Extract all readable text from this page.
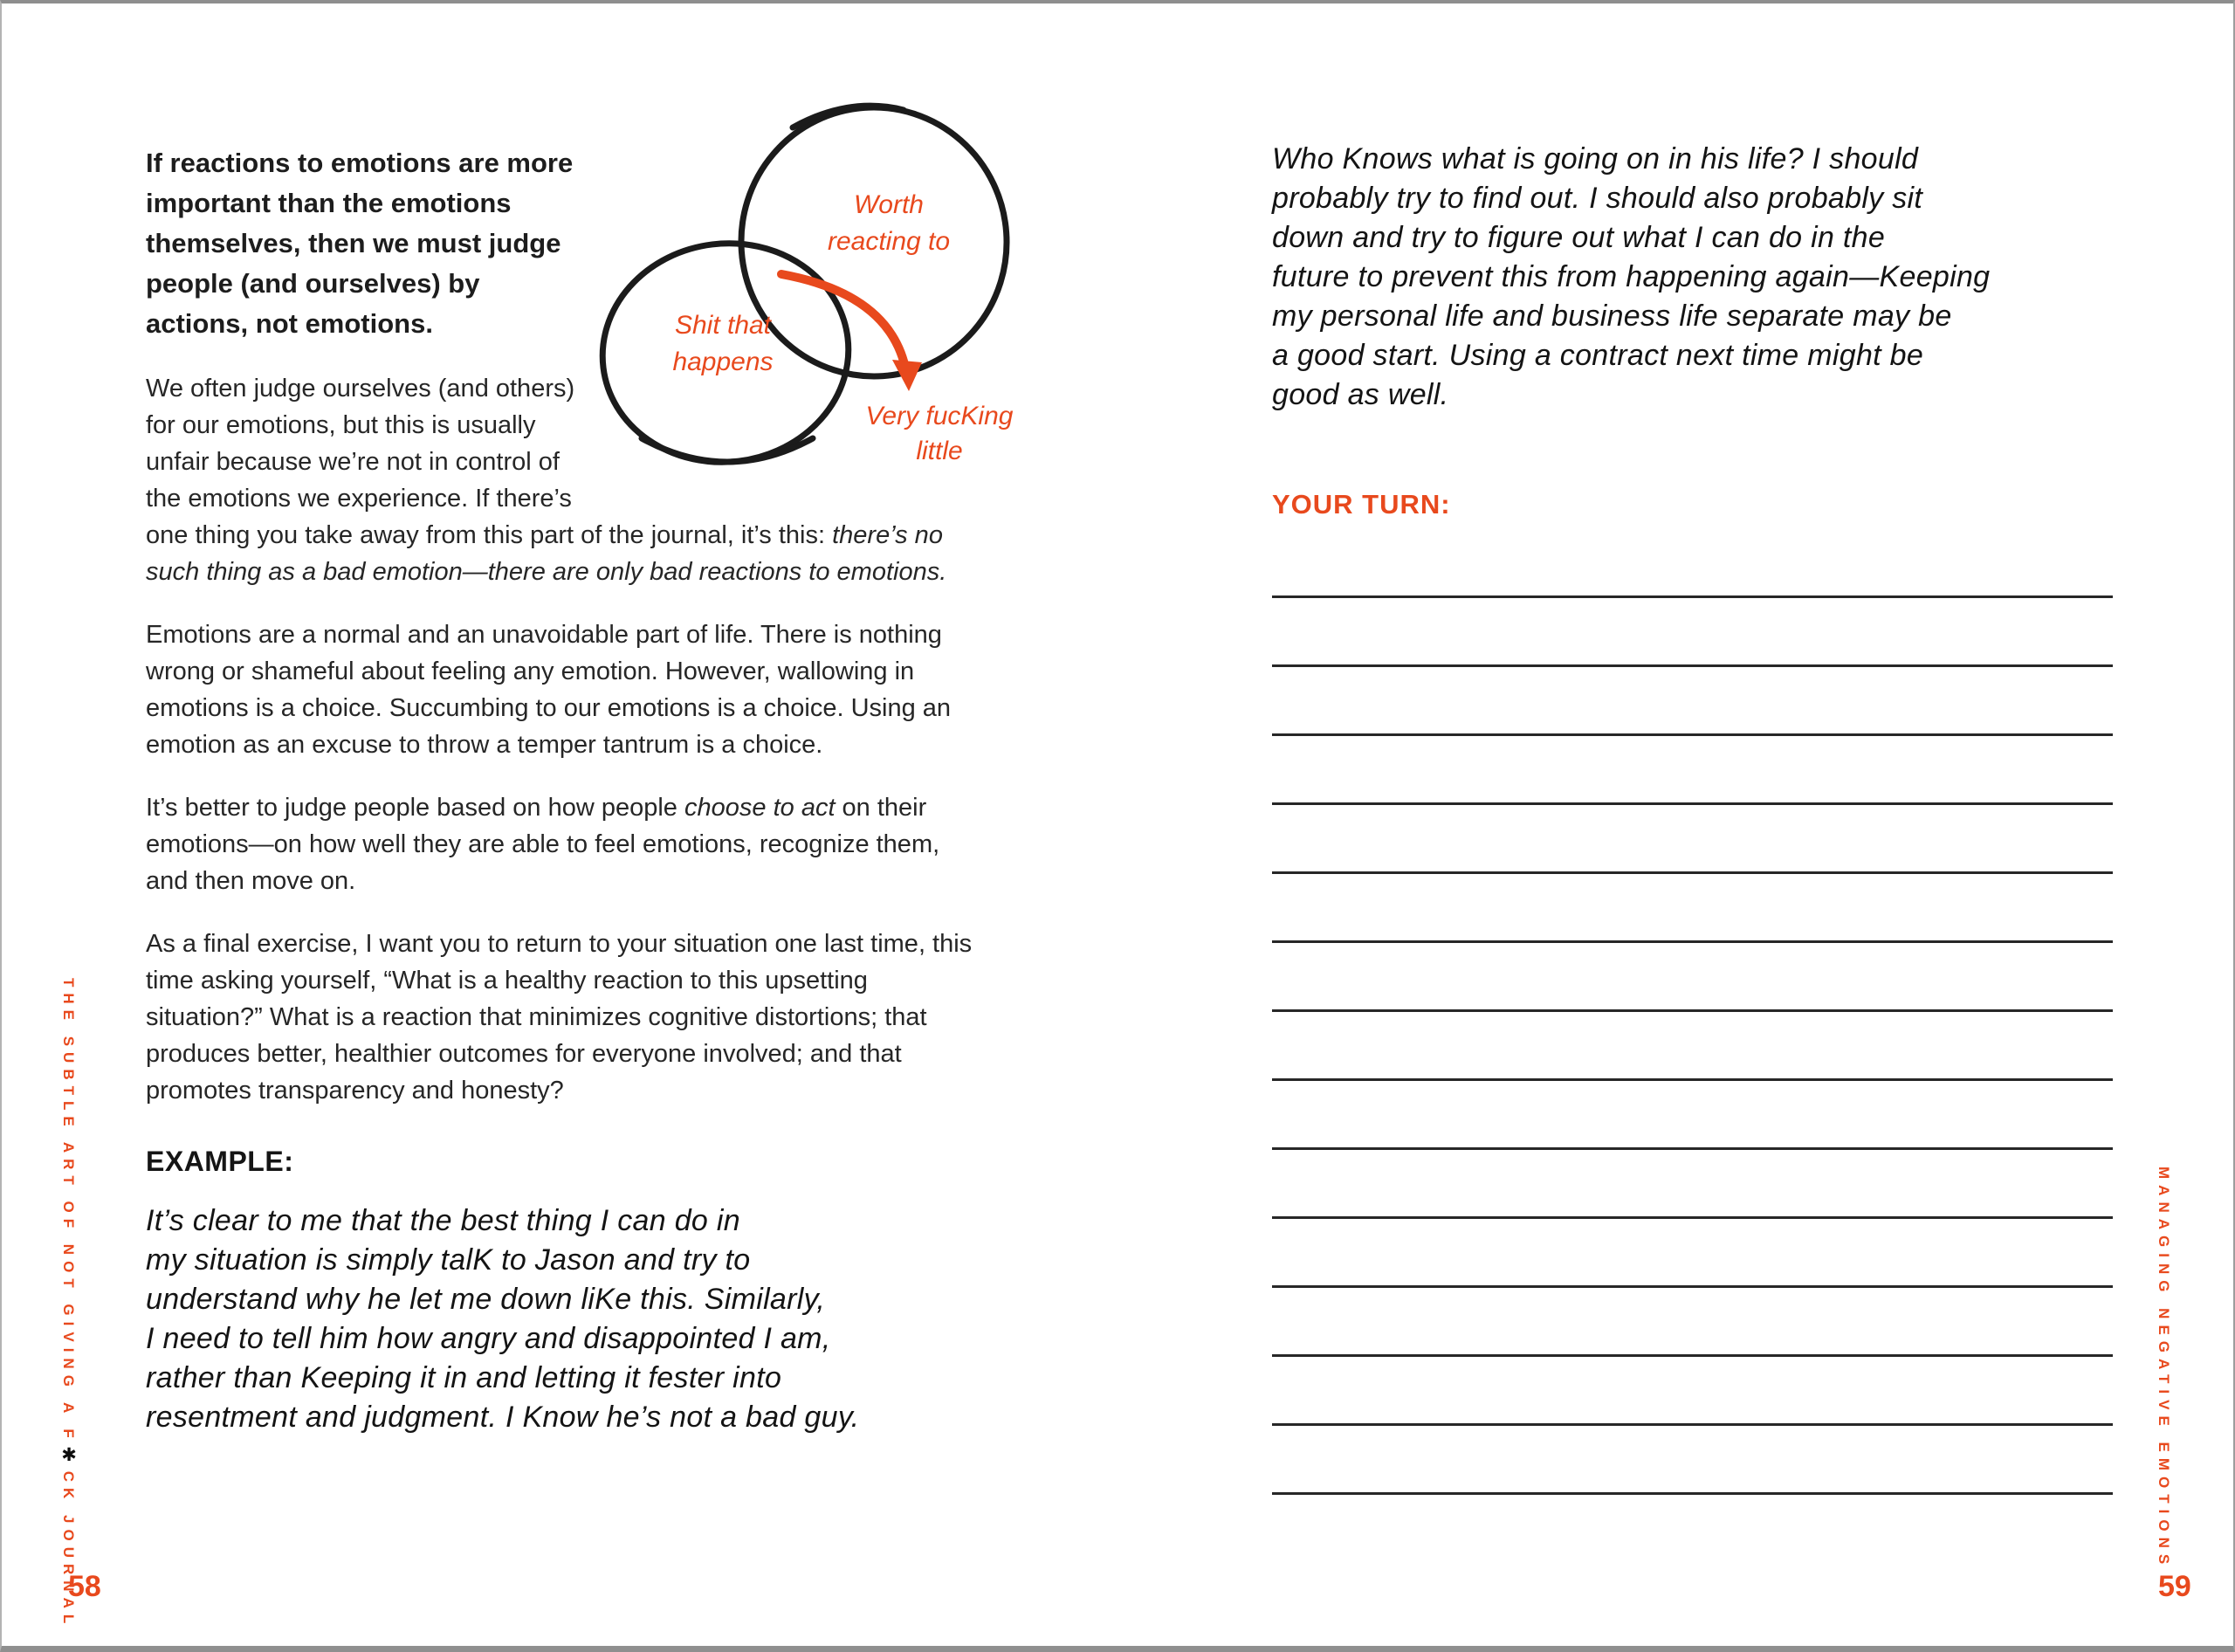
Worth
reacting to
Shit that
happens
Very fucKing
little

If reactions to emotions are more important than the emotions themselves, then we must judge people (and ourselves) by actions, not emotions.

We often judge ourselves (and others) for our emotions, but this is usually unfair because we’re not in control of the emotions we experience. If there’s one thing you take away from this part of the journal, it’s this: there’s no such thing as a bad emotion—there are only bad reactions to emotions.

Emotions are a normal and an unavoidable part of life. There is nothing wrong or shameful about feeling any emotion. However, wallowing in emotions is a choice. Succumbing to our emotions is a choice. Using an emotion as an excuse to throw a temper tantrum is a choice.

It’s better to judge people based on how people choose to act on their emotions—on how well they are able to feel emotions, recognize them, and then move on.

As a final exercise, I want you to return to your situation one last time, this time asking yourself, “What is a healthy reaction to this upsetting situation?” What is a reaction that minimizes cognitive distortions; that produces better, healthier outcomes for everyone involved; and that promotes transparency and honesty?

EXAMPLE:
It’s clear to me that the best thing I can do in
my situation is simply talK to Jason and try to
understand why he let me down liKe this. Similarly,
I need to tell him how angry and disappointed I am,
rather than Keeping it in and letting it fester into
resentment and judgment. I Know he’s not a bad guy.
THE SUBTLE ART OF NOT GIVING A F✱CK JOURNAL
58
Who Knows what is going on in his life? I should
probably try to find out. I should also probably sit
down and try to figure out what I can do in the
future to prevent this from happening again—Keeping
my personal life and business life separate may be
a good start. Using a contract next time might be
good as well.
YOUR TURN:
MANAGING NEGATIVE EMOTIONS
59
